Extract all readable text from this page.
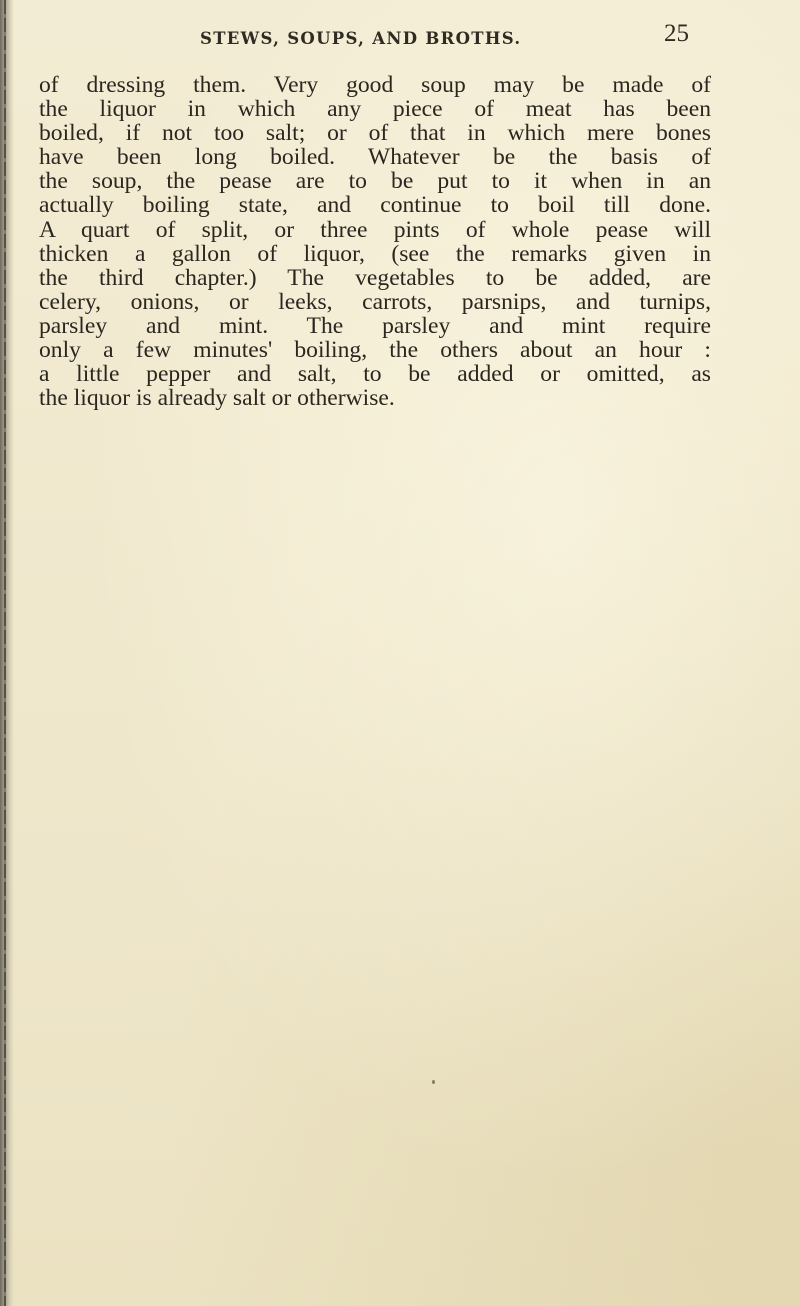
STEWS, SOUPS, AND BROTHS.	25
of dressing them. Very good soup may be made of
the liquor in which any piece of meat has been
boiled, if not too salt; or of that in which mere bones
have been long boiled. Whatever be the basis of
the soup, the pease are to be put to it when in an
actually boiling state, and continue to boil till done.
A quart of split, or three pints of whole pease will
thicken a gallon of liquor, (see the remarks given in
the third chapter.) The vegetables to be added, are
celery, onions, or leeks, carrots, parsnips, and turnips,
parsley and mint. The parsley and mint require
only a few minutes' boiling, the others about an hour :
a little pepper and salt, to be added or omitted, as
the liquor is already salt or otherwise.
